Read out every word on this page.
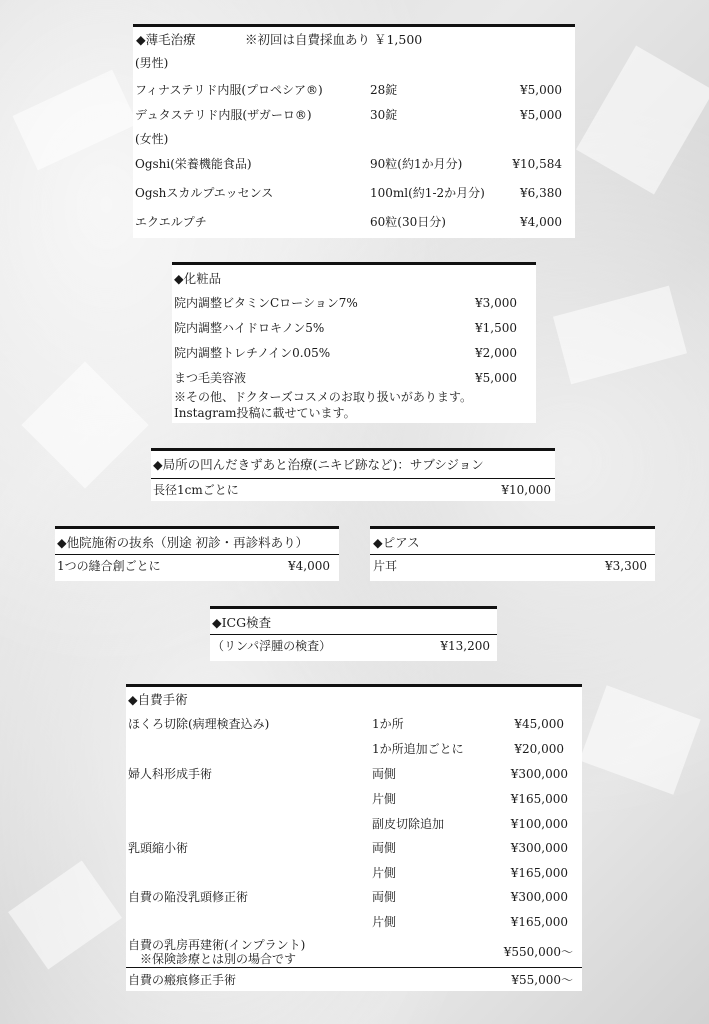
◆薄毛治療	※初回は自費採血あり ￥1,500
(男性)
フィナステリド内服(プロペシア®)	28錠	¥5,000
デュタステリド内服(ザガーロ®)	30錠	¥5,000
(女性)
Ogshi(栄養機能食品)	90粒(約1か月分)	¥10,584
Ogshスカルプエッセンス	100ml(約1-2か月分)	¥6,380
エクエルプチ	60粒(30日分)	¥4,000
◆化粧品
院内調整ビタミンCローション7%	¥3,000
院内調整ハイドロキノン5%	¥1,500
院内調整トレチノイン0.05%	¥2,000
まつ毛美容液	¥5,000
※その他、ドクターズコスメのお取り扱いがあります。
Instagram投稿に載せています。
◆局所の凹んだきずあと治療(ニキビ跡など)：サブシジョン
長径1cmごとに	¥10,000
◆他院施術の抜糸（別途 初診・再診料あり）
1つの縫合創ごとに	¥4,000
◆ピアス
片耳	¥3,300
◆ICG検査
（リンパ浮腫の検査）	¥13,200
◆自費手術
ほくろ切除(病理検査込み)	1か所	¥45,000
1か所追加ごとに	¥20,000
婦人科形成手術	両側	¥300,000
片側	¥165,000
副皮切除追加	¥100,000
乳頭縮小術	両側	¥300,000
片側	¥165,000
自費の陥没乳頭修正術	両側	¥300,000
片側	¥165,000
自費の乳房再建術(インプラント)
※保険診療とは別の場合です	¥550,000～
自費の瘢痕修正手術	¥55,000～
